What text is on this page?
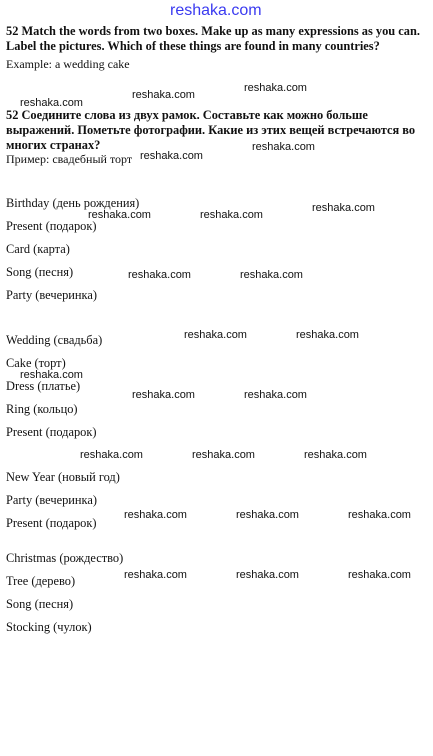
reshaka.com
52 Match the words from two boxes. Make up as many expressions as you can. Label the pictures. Which of these things are found in many countries?
Example: a wedding cake
52 Соедините слова из двух рамок. Составьте как можно больше выражений. Пометьте фотографии. Какие из этих вещей встречаются во многих странах?
Пример: свадебный торт
Birthday (день рождения)
Present (подарок)
Card (карта)
Song (песня)
Party (вечеринка)
Wedding (свадьба)
Cake (торт)
Dress (платье)
Ring (кольцо)
Present (подарок)
New Year (новый год)
Party (вечеринка)
Present (подарок)
Christmas (рождество)
Tree (дерево)
Song (песня)
Stocking (чулок)
reshaka.com
reshaka.com
reshaka.com
reshaka.com
reshaka.com
reshaka.com
reshaka.com	reshaka.com
reshaka.com	reshaka.com
reshaka.com	reshaka.com
reshaka.com
reshaka.com	reshaka.com
reshaka.com	reshaka.com	reshaka.com
reshaka.com	reshaka.com	reshaka.com
reshaka.com	reshaka.com	reshaka.com
